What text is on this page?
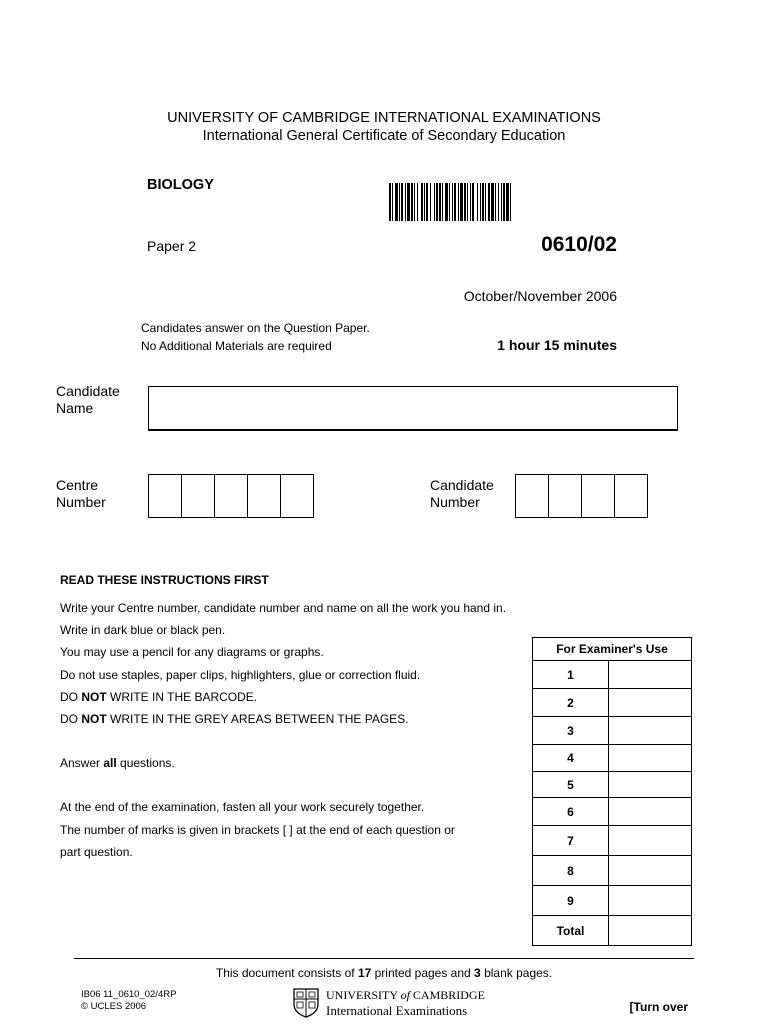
UNIVERSITY OF CAMBRIDGE INTERNATIONAL EXAMINATIONS
International General Certificate of Secondary Education
BIOLOGY
Paper 2	0610/02
October/November 2006
Candidates answer on the Question Paper.
No Additional Materials are required	1 hour 15 minutes
Candidate
Name
Centre
Number
Candidate
Number
READ THESE INSTRUCTIONS FIRST

Write your Centre number, candidate number and name on all the work you hand in.

Write in dark blue or black pen.

You may use a pencil for any diagrams or graphs.

Do not use staples, paper clips, highlighters, glue or correction fluid.

DO NOT WRITE IN THE BARCODE.

DO NOT WRITE IN THE GREY AREAS BETWEEN THE PAGES.

Answer all questions.

At the end of the examination, fasten all your work securely together.

The number of marks is given in brackets [ ] at the end of each question or

part question.

For Examiner's Use	
1	
2	
3	
4	
5	
6	
7	
8	
9	
Total	
This document consists of 17 printed pages and 3 blank pages.
IB06 11_0610_02/4RP
© UCLES 2006
UNIVERSITY of CAMBRIDGE
International Examinations	[Turn over
